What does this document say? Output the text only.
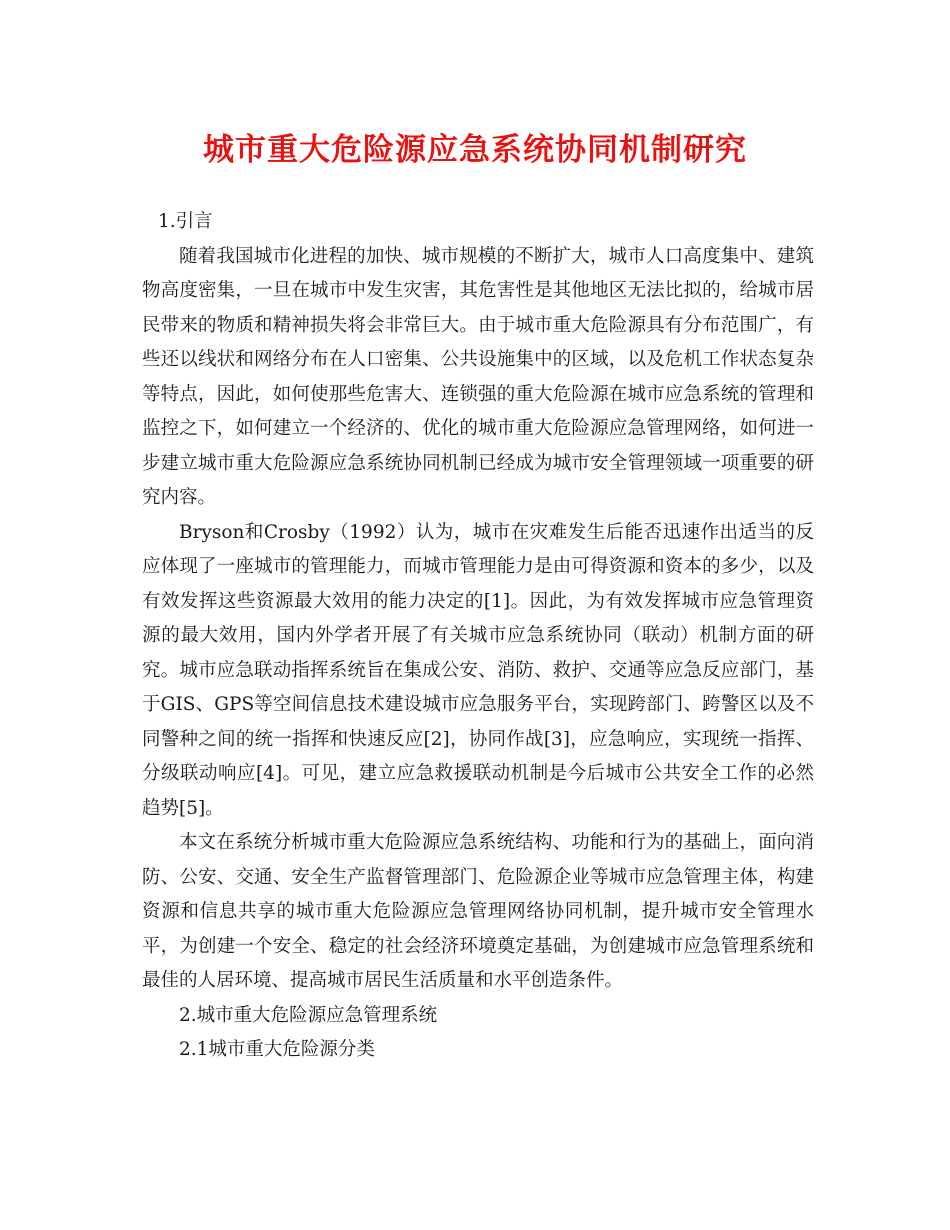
城市重大危险源应急系统协同机制研究

1.引言

随着我国城市化进程的加快、城市规模的不断扩大，城市人口高度集中、建筑物高度密集，一旦在城市中发生灾害，其危害性是其他地区无法比拟的，给城市居民带来的物质和精神损失将会非常巨大。由于城市重大危险源具有分布范围广，有些还以线状和网络分布在人口密集、公共设施集中的区域，以及危机工作状态复杂等特点，因此，如何使那些危害大、连锁强的重大危险源在城市应急系统的管理和监控之下，如何建立一个经济的、优化的城市重大危险源应急管理网络，如何进一步建立城市重大危险源应急系统协同机制已经成为城市安全管理领域一项重要的研究内容。

Bryson和Crosby（1992）认为，城市在灾难发生后能否迅速作出适当的反应体现了一座城市的管理能力，而城市管理能力是由可得资源和资本的多少，以及有效发挥这些资源最大效用的能力决定的[1]。因此，为有效发挥城市应急管理资源的最大效用，国内外学者开展了有关城市应急系统协同（联动）机制方面的研究。城市应急联动指挥系统旨在集成公安、消防、救护、交通等应急反应部门，基于GIS、GPS等空间信息技术建设城市应急服务平台，实现跨部门、跨警区以及不同警种之间的统一指挥和快速反应[2]，协同作战[3]，应急响应，实现统一指挥、分级联动响应[4]。可见，建立应急救援联动机制是今后城市公共安全工作的必然趋势[5]。

本文在系统分析城市重大危险源应急系统结构、功能和行为的基础上，面向消防、公安、交通、安全生产监督管理部门、危险源企业等城市应急管理主体，构建资源和信息共享的城市重大危险源应急管理网络协同机制，提升城市安全管理水平，为创建一个安全、稳定的社会经济环境奠定基础，为创建城市应急管理系统和最佳的人居环境、提高城市居民生活质量和水平创造条件。

2.城市重大危险源应急管理系统

2.1城市重大危险源分类
